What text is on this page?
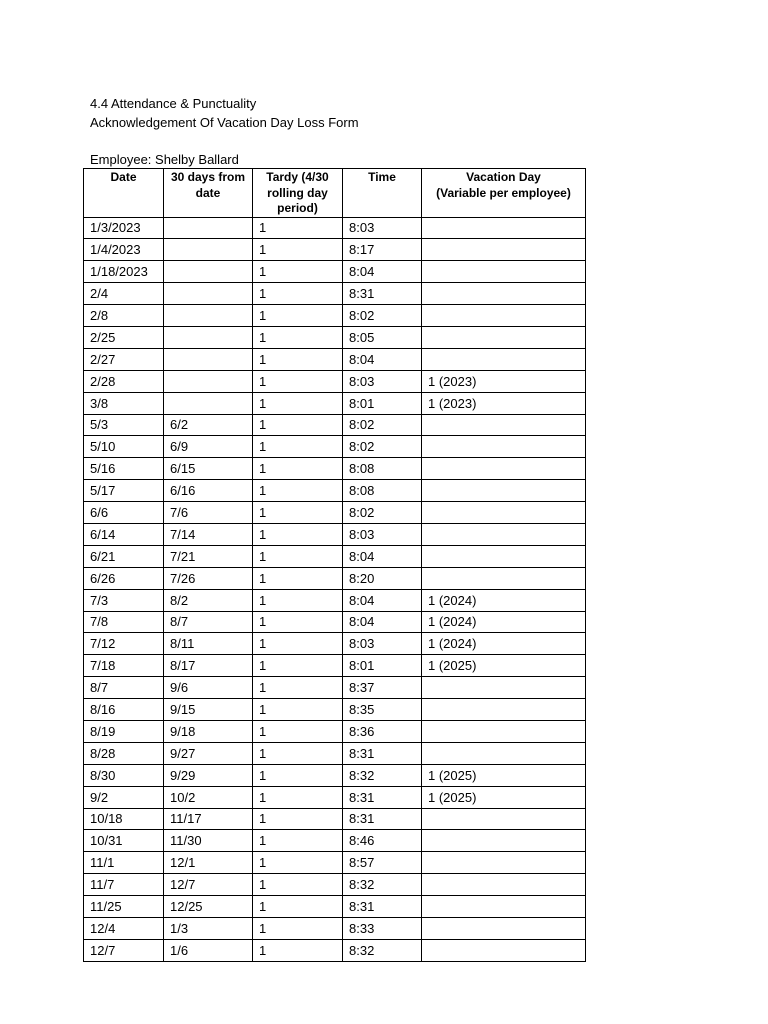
4.4 Attendance & Punctuality
Acknowledgement Of Vacation Day Loss Form
Employee: Shelby Ballard
Date	30 days from date	Tardy (4/30 rolling day period)	Time	Vacation Day
(Variable per employee)
1/3/2023		1	8:03	
1/4/2023		1	8:17	
1/18/2023		1	8:04	
2/4		1	8:31	
2/8		1	8:02	
2/25		1	8:05	
2/27		1	8:04	
2/28		1	8:03	1 (2023)
3/8		1	8:01	1 (2023)
5/3	6/2	1	8:02	
5/10	6/9	1	8:02	
5/16	6/15	1	8:08	
5/17	6/16	1	8:08	
6/6	7/6	1	8:02	
6/14	7/14	1	8:03	
6/21	7/21	1	8:04	
6/26	7/26	1	8:20	
7/3	8/2	1	8:04	1 (2024)
7/8	8/7	1	8:04	1 (2024)
7/12	8/11	1	8:03	1 (2024)
7/18	8/17	1	8:01	1 (2025)
8/7	9/6	1	8:37	
8/16	9/15	1	8:35	
8/19	9/18	1	8:36	
8/28	9/27	1	8:31	
8/30	9/29	1	8:32	1 (2025)
9/2	10/2	1	8:31	1 (2025)
10/18	11/17	1	8:31	
10/31	11/30	1	8:46	
11/1	12/1	1	8:57	
11/7	12/7	1	8:32	
11/25	12/25	1	8:31	
12/4	1/3	1	8:33	
12/7	1/6	1	8:32	
